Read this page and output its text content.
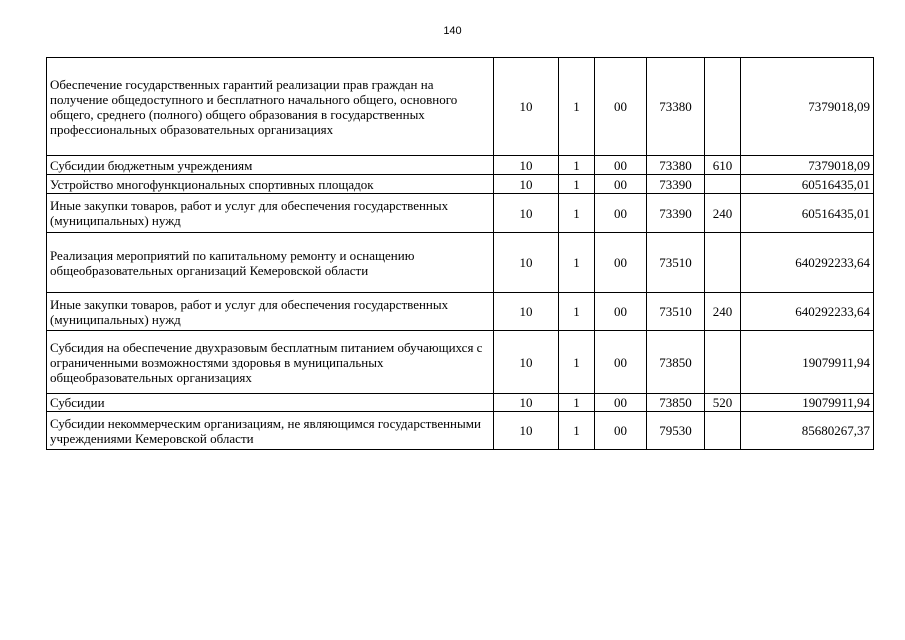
140
Обеспечение государственных гарантий реализации прав граждан на получение общедоступного и бесплатного начального общего, основного общего, среднего (полного) общего образования в государственных профессиональных образовательных организациях	10	1	00	73380		7379018,09
Субсидии бюджетным учреждениям	10	1	00	73380	610	7379018,09
Устройство многофункциональных спортивных площадок	10	1	00	73390		60516435,01
Иные закупки товаров, работ и услуг для обеспечения государственных (муниципальных) нужд	10	1	00	73390	240	60516435,01
Реализация мероприятий по капитальному ремонту и оснащению общеобразовательных организаций Кемеровской области	10	1	00	73510		640292233,64
Иные закупки товаров, работ и услуг для обеспечения государственных (муниципальных) нужд	10	1	00	73510	240	640292233,64
Субсидия на обеспечение двухразовым бесплатным питанием обучающихся с ограниченными возможностями здоровья в муниципальных общеобразовательных организациях	10	1	00	73850		19079911,94
Субсидии	10	1	00	73850	520	19079911,94
Субсидии некоммерческим организациям, не являющимся государственными учреждениями Кемеровской области	10	1	00	79530		85680267,37
